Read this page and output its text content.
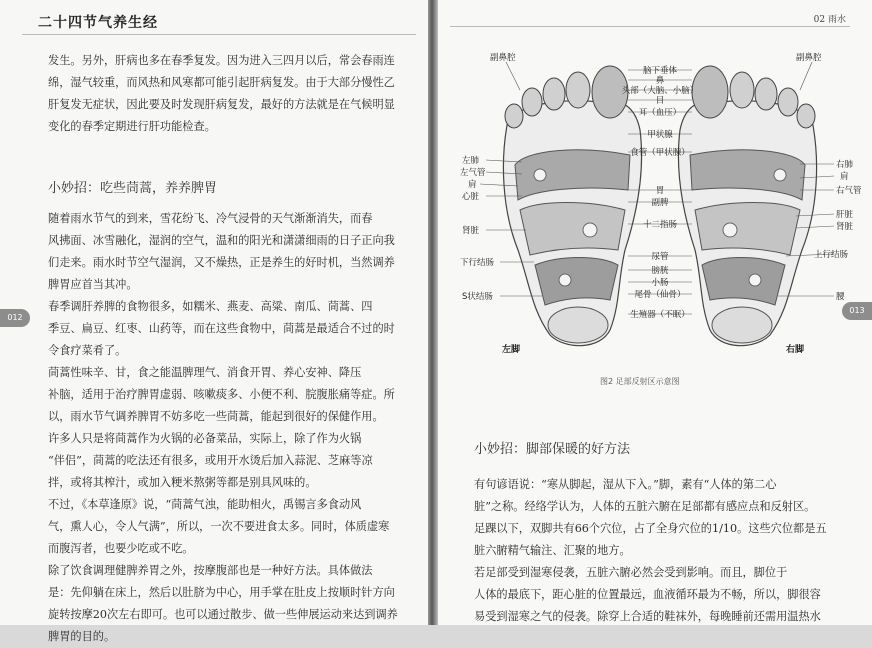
二十四节气养生经
发生。另外，肝病也多在春季复发。因为进入三四月以后，常会春雨连
绵，湿气较重，而风热和风寒都可能引起肝病复发。由于大部分慢性乙
肝复发无症状，因此要及时发现肝病复发，最好的方法就是在气候明显
变化的春季定期进行肝功能检查。
小妙招：吃些茼蒿，养养脾胃
随着雨水节气的到来，雪花纷飞、冷气浸骨的天气渐渐消失，而春
风拂面、冰雪融化，湿润的空气，温和的阳光和潇潇细雨的日子正向我
们走来。雨水时节空气湿润，又不燥热，正是养生的好时机，当然调养
脾胃应首当其冲。
春季调肝养脾的食物很多，如糯米、燕麦、高粱、南瓜、茼蒿、四
季豆、扁豆、红枣、山药等，而在这些食物中，茼蒿是最适合不过的时
令食疗菜肴了。
茼蒿性味辛、甘，食之能温脾理气、消食开胃、养心安神、降压
补脑，适用于治疗脾胃虚弱、咳嗽痰多、小便不利、脘腹胀痛等症。所
以，雨水节气调养脾胃不妨多吃一些茼蒿，能起到很好的保健作用。
许多人只是将茼蒿作为火锅的必备菜品，实际上，除了作为火锅
“伴侣”，茼蒿的吃法还有很多，或用开水烫后加入蒜泥、芝麻等凉
拌，或将其榨汁，或加入粳米熬粥等都是别具风味的。
不过，《本草逢原》说，“茼蒿气浊，能助相火，禹锡言多食动风
气，熏人心，令人气满”，所以，一次不要进食太多。同时，体质虚寒
而腹泻者，也要少吃或不吃。
除了饮食调理健脾养胃之外，按摩腹部也是一种好方法。具体做法
是：先仰躺在床上，然后以肚脐为中心，用手掌在肚皮上按顺时针方向
旋转按摩20次左右即可。也可以通过散步、做一些伸展运动来达到调养
脾胃的目的。
012
02 雨水
脑下垂体
鼻
头部（大脑、小脑）
目
耳（血压）
甲状腺
食管（甲状腺）
胃
副脾
十二指肠
尿管
膀胱
小肠
尾骨（仙骨）
生殖器（不眠）
副鼻腔
左肺
左气管
肩
心脏
肾脏
下行结肠
S状结肠
副鼻腔
右肺
肩
右气管
肝脏
肾脏
上行结肠
腰
左脚	右脚
图2 足部反射区示意图
小妙招：脚部保暖的好方法
有句谚语说：“寒从脚起，湿从下入。”脚，素有“人体的第二心
脏”之称。经络学认为，人体的五脏六腑在足部都有感应点和反射区。
足踝以下，双脚共有66个穴位，占了全身穴位的1/10。这些穴位都是五
脏六腑精气输注、汇聚的地方。
若足部受到湿寒侵袭，五脏六腑必然会受到影响。而且，脚位于
人体的最底下，距心脏的位置最远，血液循环最为不畅，所以，脚很容
易受到湿寒之气的侵袭。除穿上合适的鞋袜外，每晚睡前还需用温热水
013
